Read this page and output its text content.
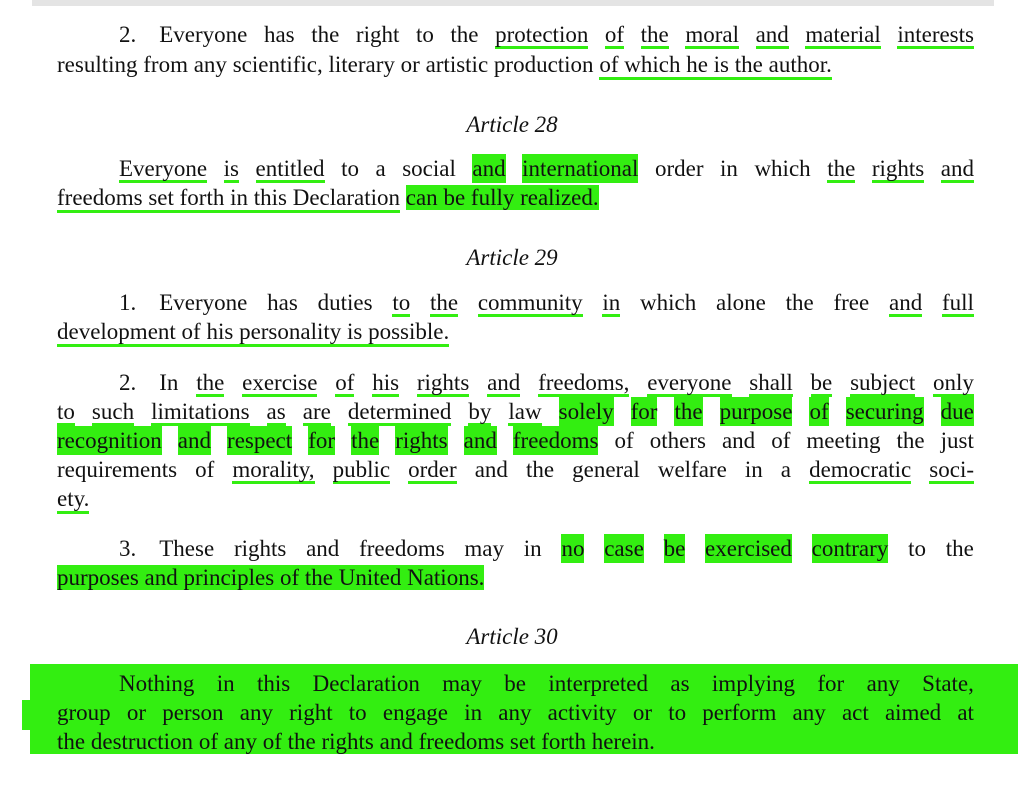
2. Everyone has the right to the protection of the moral and material interests
resulting from any scientific, literary or artistic production of which he is the author.
Article 28
Everyone is entitled to a social and international order in which the rights and
freedoms set forth in this Declaration can be fully realized.
Article 29
1. Everyone has duties to the community in which alone the free and full
development of his personality is possible.
2. In the exercise of his rights and freedoms, everyone shall be subject only
to such limitations as are determined by law solely for the purpose of securing due
recognition and respect for the rights and freedoms of others and of meeting the just
requirements of morality, public order and the general welfare in a democratic soci-
ety.
3. These rights and freedoms may in no case be exercised contrary to the
purposes and principles of the United Nations.
Article 30
Nothing in this Declaration may be interpreted as implying for any State,
group or person any right to engage in any activity or to perform any act aimed at
the destruction of any of the rights and freedoms set forth herein.
